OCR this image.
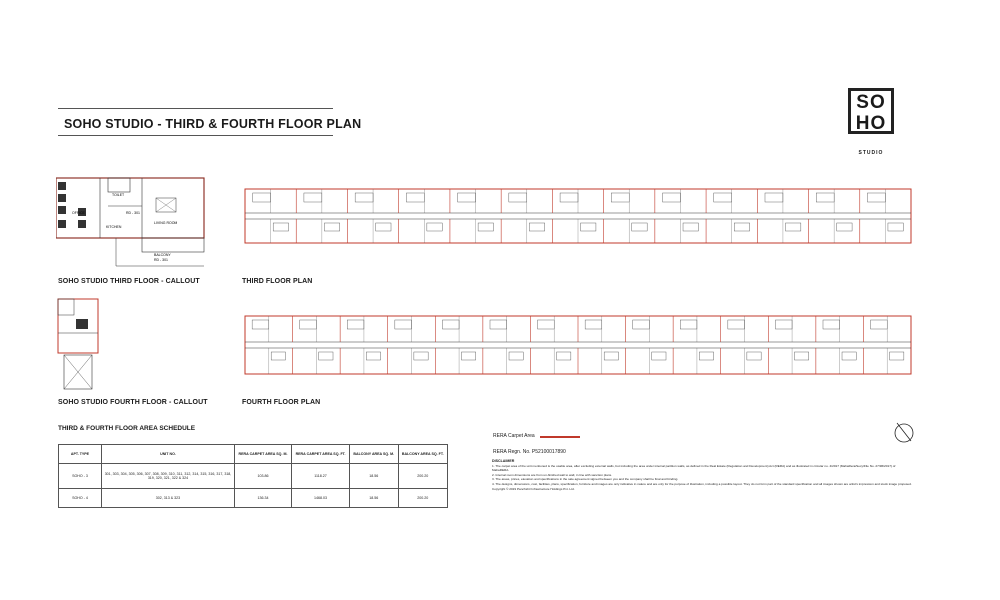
SOHO STUDIO - THIRD & FOURTH FLOOR PLAN
SO
HO
STUDIO
TOILET
OFFICE
KITCHEN
LIVING ROOM
RD - 301
BALCONY
RD - 301
SOHO STUDIO THIRD FLOOR - CALLOUT	THIRD FLOOR PLAN
SOHO STUDIO FOURTH FLOOR - CALLOUT	FOURTH FLOOR PLAN
THIRD & FOURTH FLOOR AREA SCHEDULE
APT. TYPE	UNIT NO.	RERA CARPET AREA SQ. M.	RERA CARPET AREA SQ. FT.	BALCONY AREA SQ. M.	BALCONY AREA SQ. FT.
SOHO - 3	301, 303, 304, 305, 306, 307, 308, 309, 310, 311, 312, 314, 315, 316, 317, 318, 319, 320, 321, 322 & 324	103.86	1118.27	18.56	200.20
SOHO - 4	302, 313 & 323	136.34	1468.03	18.56	200.20
RERA Carpet Area
RERA Regn. No. P52100017890
DISCLAIMER
1. The carpet area of the unit mentioned is the usable area, after excluding external walls, but including the area under internal partition walls, as defined in the Real Estate (Regulation and Development) Act (RERA) and as illustrated in circular no. 4/2017 (MahaRera/Secy/File No. 27/96/2017) of MahaRERA.
2. Internal room dimensions are from un-finished wall to wall, in line with sanction plans.
3. The areas, prices, elevation and specifications in the sale agreement signed between you and the company shall be final and binding.
4. The designs, dimensions, cost, facilities, plans, specification, furniture and images are only indicative in nature and are only for the purpose of illustration, including a possible layout. They do not form part of the standard specification and all images shown are artist's impression and stock image proposed. Copyright © 2019 Panchshil Infrastructure Holdings Pvt. Ltd.
